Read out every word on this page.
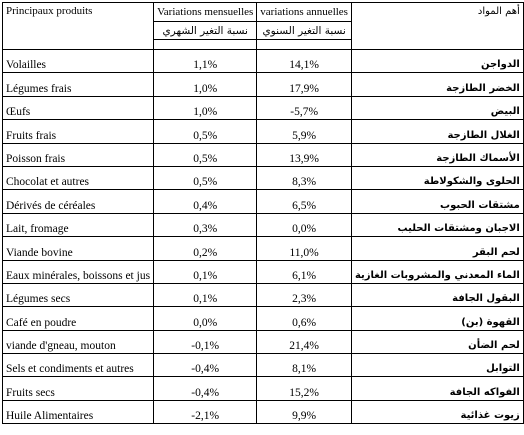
Principaux produits	Variations mensuelles	variations annuelles	أهم المواد
	نسبة التغير الشهري	نسبة التغير السنوي	

Volailles	1,1%	14,1%	الدواجن
Légumes frais	1,0%	17,9%	الخضر الطازجة
Œufs	1,0%	-5,7%	البيض
Fruits frais	0,5%	5,9%	الغلال الطازجة
Poisson frais	0,5%	13,9%	الأسماك الطازجة
Chocolat et autres	0,5%	8,3%	الحلوى والشكولاطة
Dérivés de céréales	0,4%	6,5%	مشتقات الحبوب
Lait, fromage	0,3%	0,0%	الاجبان ومشتقات الحليب
Viande bovine	0,2%	11,0%	لحم البقر
Eaux minérales, boissons et jus	0,1%	6,1%	الماء المعدني والمشروبات الغازية
Légumes secs	0,1%	2,3%	البقول الجافة
Café en poudre	0,0%	0,6%	القهوة (بن)
viande d'gneau, mouton	-0,1%	21,4%	لحم الضأن
Sels et condiments et autres	-0,4%	8,1%	التوابل
Fruits secs	-0,4%	15,2%	الفواكه الجافة
Huile Alimentaires	-2,1%	9,9%	زيوت غذائية
